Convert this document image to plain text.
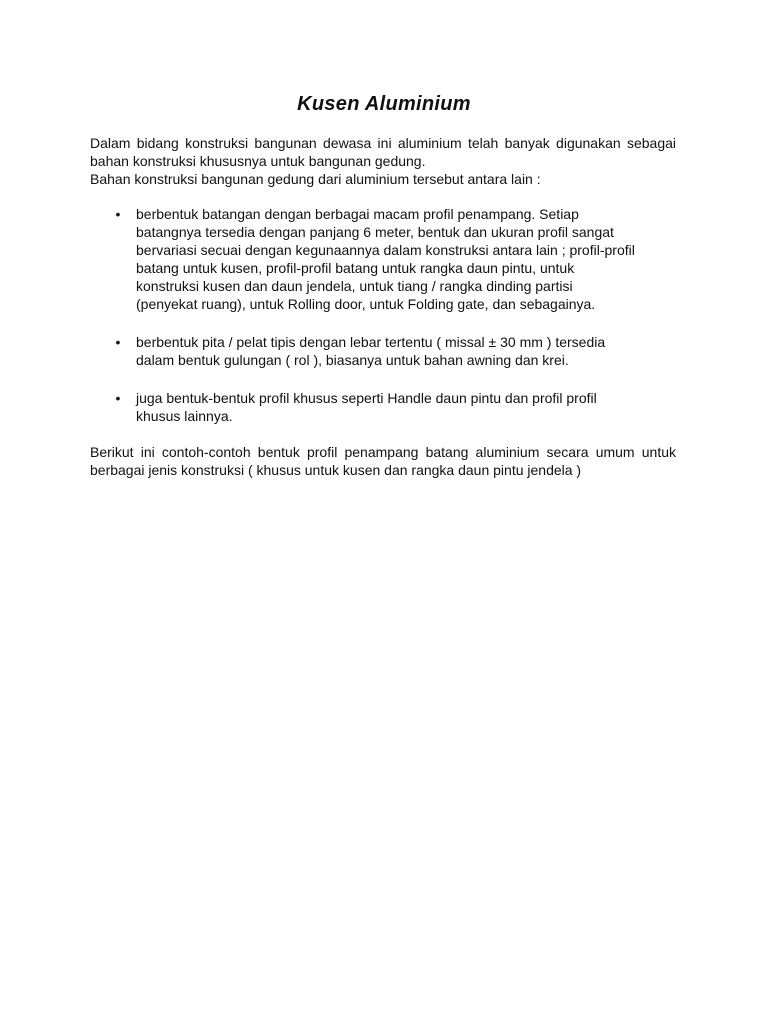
Kusen Aluminium

Dalam bidang konstruksi bangunan dewasa ini aluminium telah banyak digunakan sebagai bahan konstruksi khususnya untuk bangunan gedung.

Bahan konstruksi bangunan gedung dari aluminium tersebut antara lain :

• berbentuk batangan dengan berbagai macam profil penampang. Setiap batangnya tersedia dengan panjang 6 meter, bentuk dan ukuran profil sangat bervariasi secuai dengan kegunaannya dalam konstruksi antara lain ; profil-profil batang untuk kusen, profil-profil batang untuk rangka daun pintu, untuk konstruksi kusen dan daun jendela, untuk tiang / rangka dinding partisi (penyekat ruang), untuk Rolling door, untuk Folding gate, dan sebagainya.
• berbentuk pita / pelat tipis dengan lebar tertentu ( missal ± 30 mm ) tersedia dalam bentuk gulungan ( rol ), biasanya untuk bahan awning dan krei.
• juga bentuk-bentuk profil khusus seperti Handle daun pintu dan profil profil khusus lainnya.

Berikut ini contoh-contoh bentuk profil penampang batang aluminium secara umum untuk berbagai jenis konstruksi ( khusus untuk kusen dan rangka daun pintu jendela )
